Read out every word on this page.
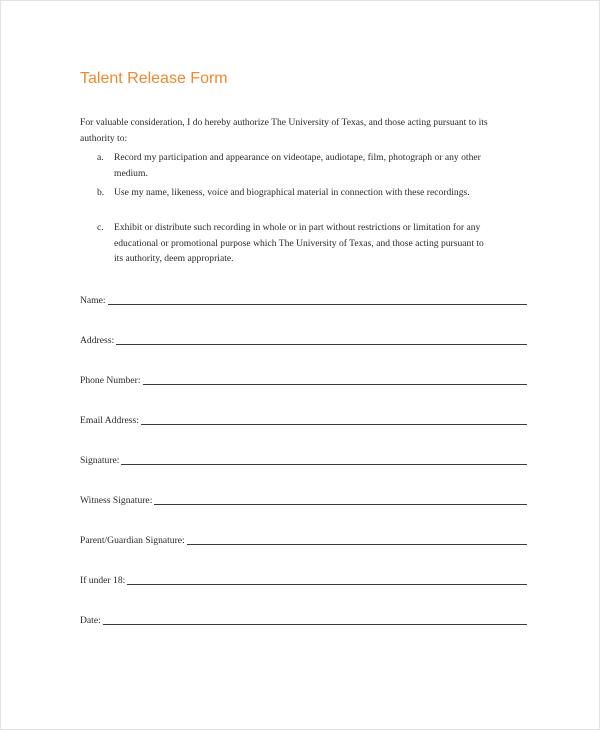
Talent Release Form

For valuable consideration, I do hereby authorize The University of Texas, and those acting pursuant to its authority to:

a. Record my participation and appearance on videotape, audiotape, film, photograph or any other medium.
b. Use my name, likeness, voice and biographical material in connection with these recordings.
c. Exhibit or distribute such recording in whole or in part without restrictions or limitation for any educational or promotional purpose which The University of Texas, and those acting pursuant to its authority, deem appropriate.
Name:
Address:
Phone Number:
Email Address:
Signature:
Witness Signature:
Parent/Guardian Signature:
If under 18:
Date:
